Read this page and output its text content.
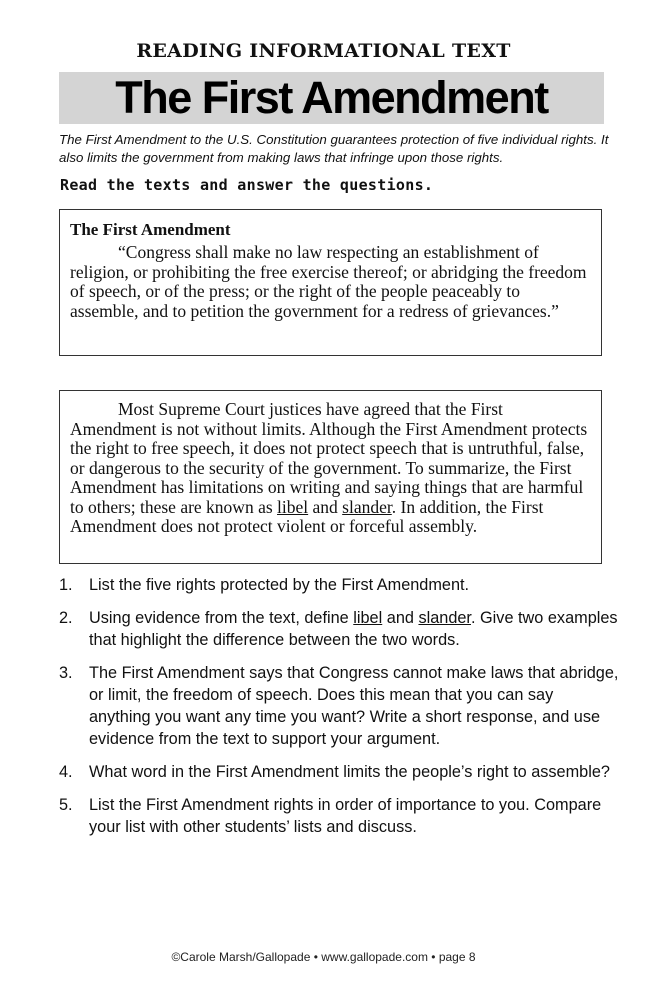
READING INFORMATIONAL TEXT
The First Amendment
The First Amendment to the U.S. Constitution guarantees protection of five individual rights. It also limits the government from making laws that infringe upon those rights.
Read the texts and answer the questions.
The First Amendment
“Congress shall make no law respecting an establishment of religion, or prohibiting the free exercise thereof; or abridging the freedom of speech, or of the press; or the right of the people peaceably to assemble, and to petition the government for a redress of grievances.”

Most Supreme Court justices have agreed that the First Amendment is not without limits. Although the First Amendment protects the right to free speech, it does not protect speech that is untruthful, false, or dangerous to the security of the government. To summarize, the First Amendment has limitations on writing and saying things that are harmful to others; these are known as libel and slander. In addition, the First Amendment does not protect violent or forceful assembly.

1. List the five rights protected by the First Amendment.
2. Using evidence from the text, define libel and slander. Give two examples that highlight the difference between the two words.
3. The First Amendment says that Congress cannot make laws that abridge, or limit, the freedom of speech. Does this mean that you can say anything you want any time you want? Write a short response, and use evidence from the text to support your argument.
4. What word in the First Amendment limits the people’s right to assemble?
5. List the First Amendment rights in order of importance to you. Compare your list with other students’ lists and discuss.
©Carole Marsh/Gallopade • www.gallopade.com • page 8
